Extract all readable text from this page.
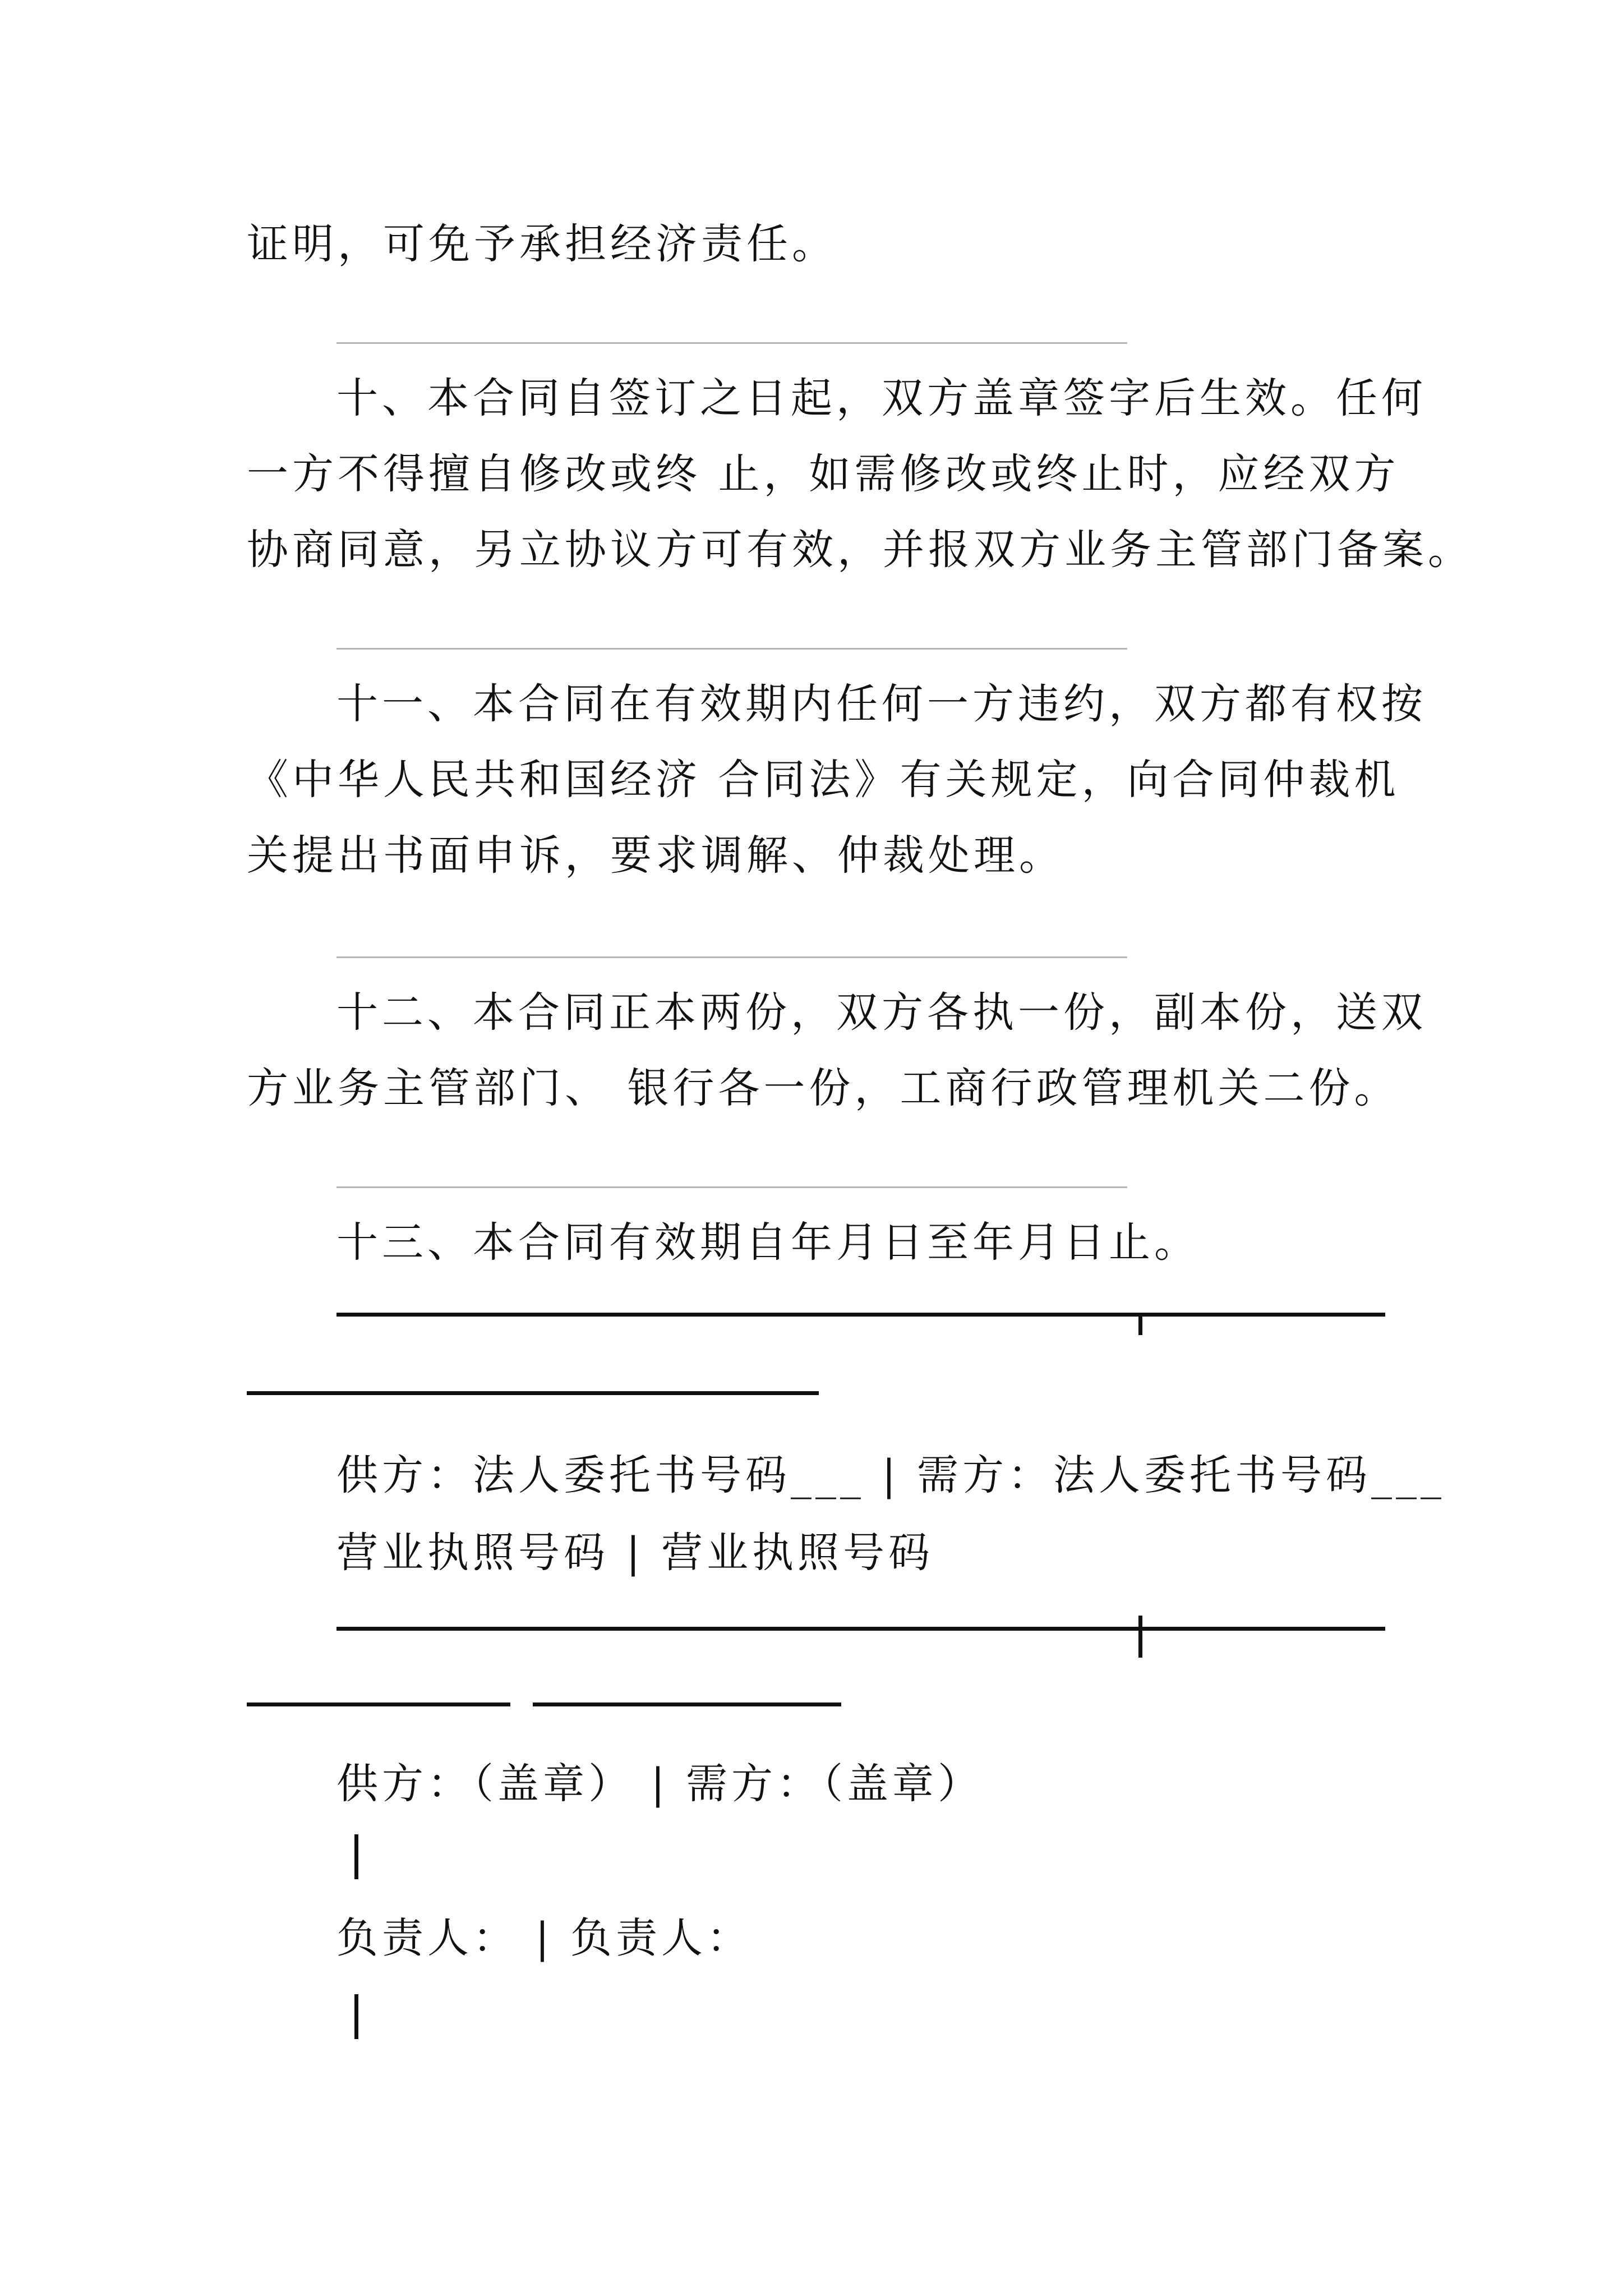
证明，可免予承担经济责任。
十、本合同自签订之日起，双方盖章签字后生效。任何
一方不得擅自修改或终 止，如需修改或终止时，应经双方
协商同意，另立协议方可有效，并报双方业务主管部门备案。
十一、本合同在有效期内任何一方违约，双方都有权按
《中华人民共和国经济 合同法》有关规定，向合同仲裁机
关提出书面申诉，要求调解、仲裁处理。
十二、本合同正本两份，双方各执一份，副本份，送双
方业务主管部门、 银行各一份，工商行政管理机关二份。
十三、本合同有效期自年月日至年月日止。
供方：法人委托书号码___ | 需方：法人委托书号码___
营业执照号码 | 营业执照号码
供方：（盖章） | 需方：（盖章）
负责人： | 负责人：
